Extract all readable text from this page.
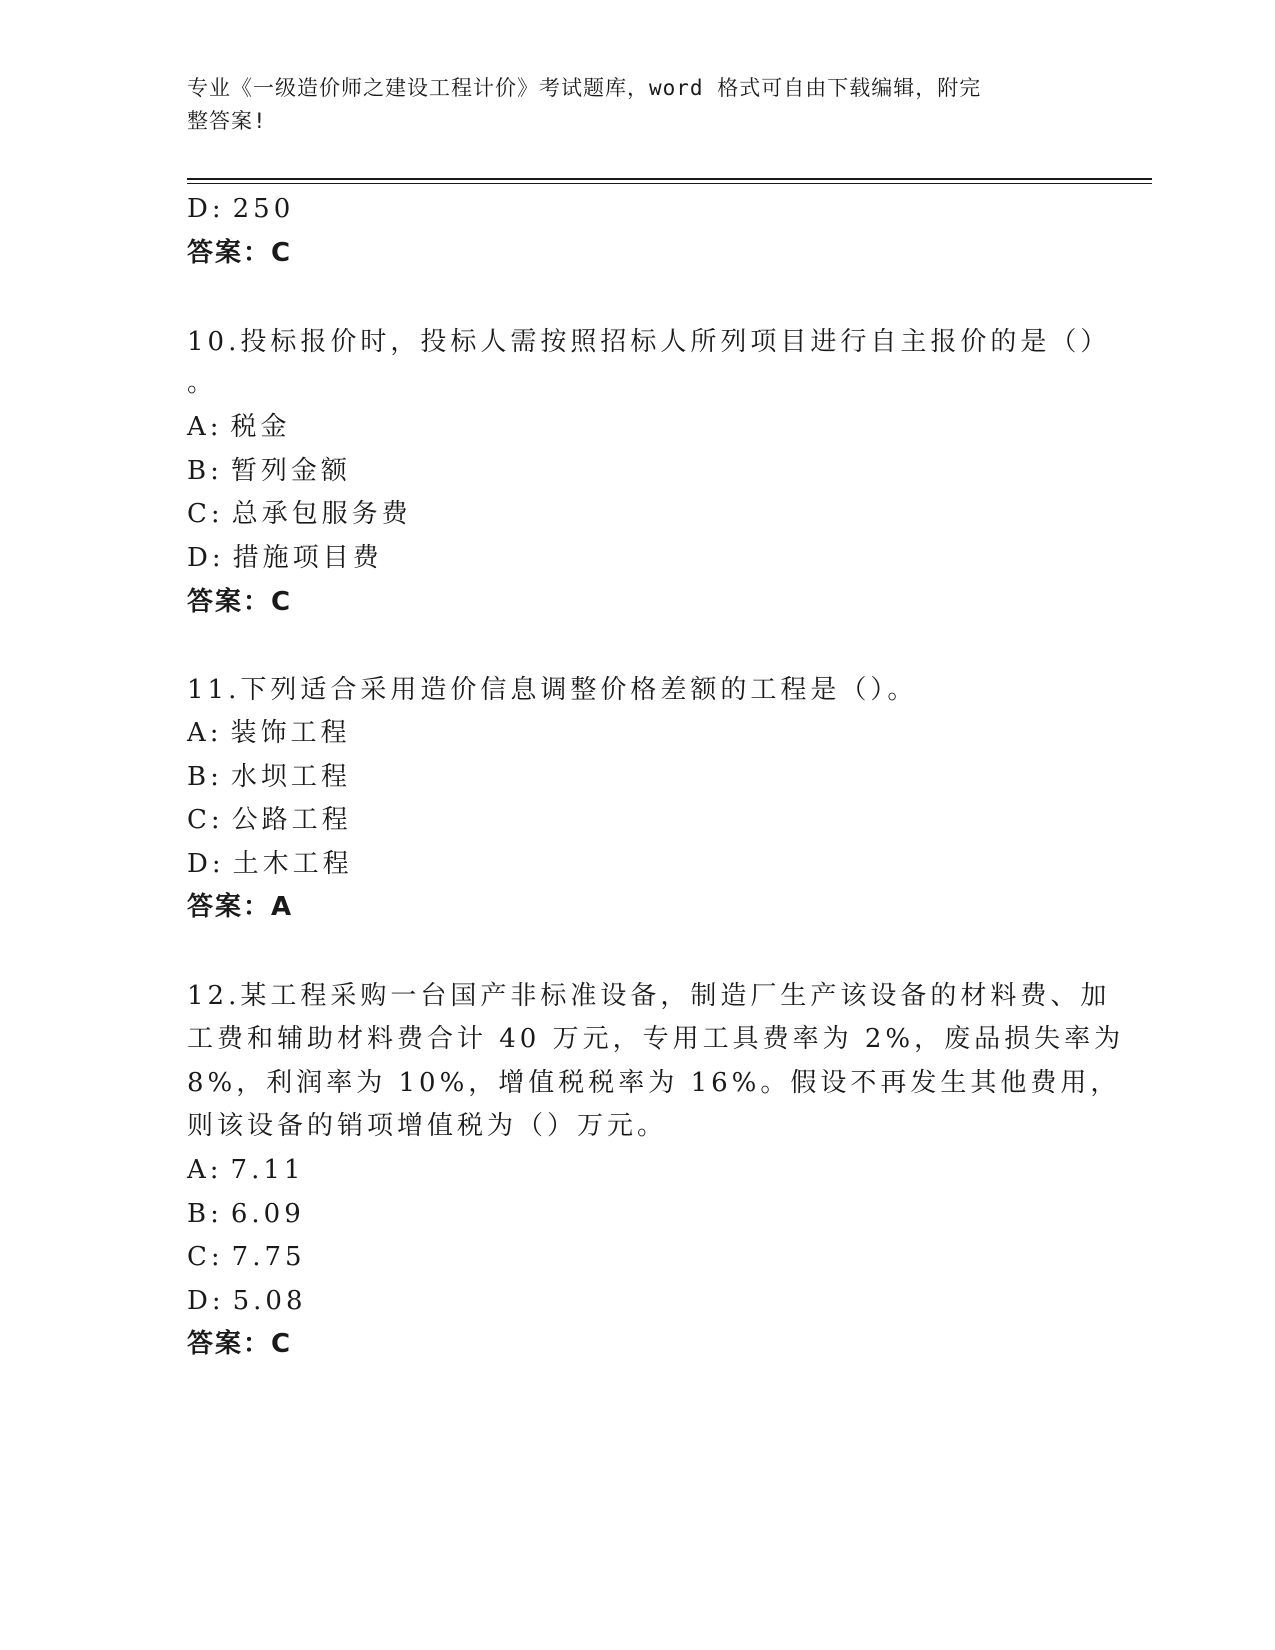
专业《一级造价师之建设工程计价》考试题库，word 格式可自由下载编辑，附完
整答案!
D: 250
答案：C
10.投标报价时，投标人需按照招标人所列项目进行自主报价的是（）
。
A: 税金
B: 暂列金额
C: 总承包服务费
D: 措施项目费
答案：C
11.下列适合采用造价信息调整价格差额的工程是（）。
A: 装饰工程
B: 水坝工程
C: 公路工程
D: 土木工程
答案：A
12.某工程采购一台国产非标准设备，制造厂生产该设备的材料费、加
工费和辅助材料费合计 40 万元，专用工具费率为 2%，废品损失率为
8%，利润率为 10%，增值税税率为 16%。假设不再发生其他费用，
则该设备的销项增值税为（）万元。
A: 7.11
B: 6.09
C: 7.75
D: 5.08
答案：C
